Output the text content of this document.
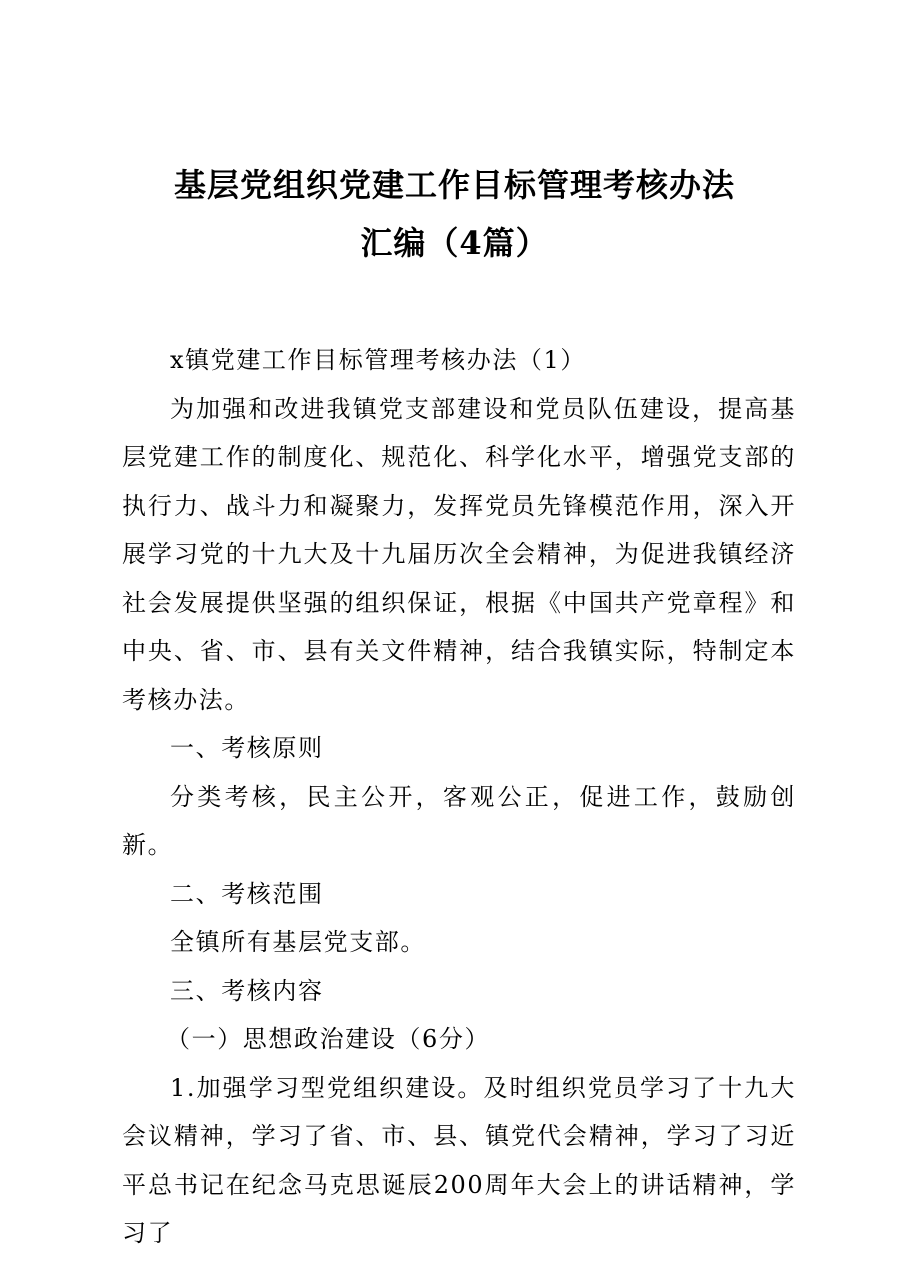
基层党组织党建工作目标管理考核办法
汇编（4篇）

x镇党建工作目标管理考核办法（1）

为加强和改进我镇党支部建设和党员队伍建设，提高基层党建工作的制度化、规范化、科学化水平，增强党支部的执行力、战斗力和凝聚力，发挥党员先锋模范作用，深入开展学习党的十九大及十九届历次全会精神，为促进我镇经济社会发展提供坚强的组织保证，根据《中国共产党章程》和中央、省、市、县有关文件精神，结合我镇实际，特制定本考核办法。

一、考核原则

分类考核，民主公开，客观公正，促进工作，鼓励创新。

二、考核范围

全镇所有基层党支部。

三、考核内容

（一）思想政治建设（6分）

1.加强学习型党组织建设。及时组织党员学习了十九大会议精神，学习了省、市、县、镇党代会精神，学习了习近平总书记在纪念马克思诞辰200周年大会上的讲话精神，学习了
